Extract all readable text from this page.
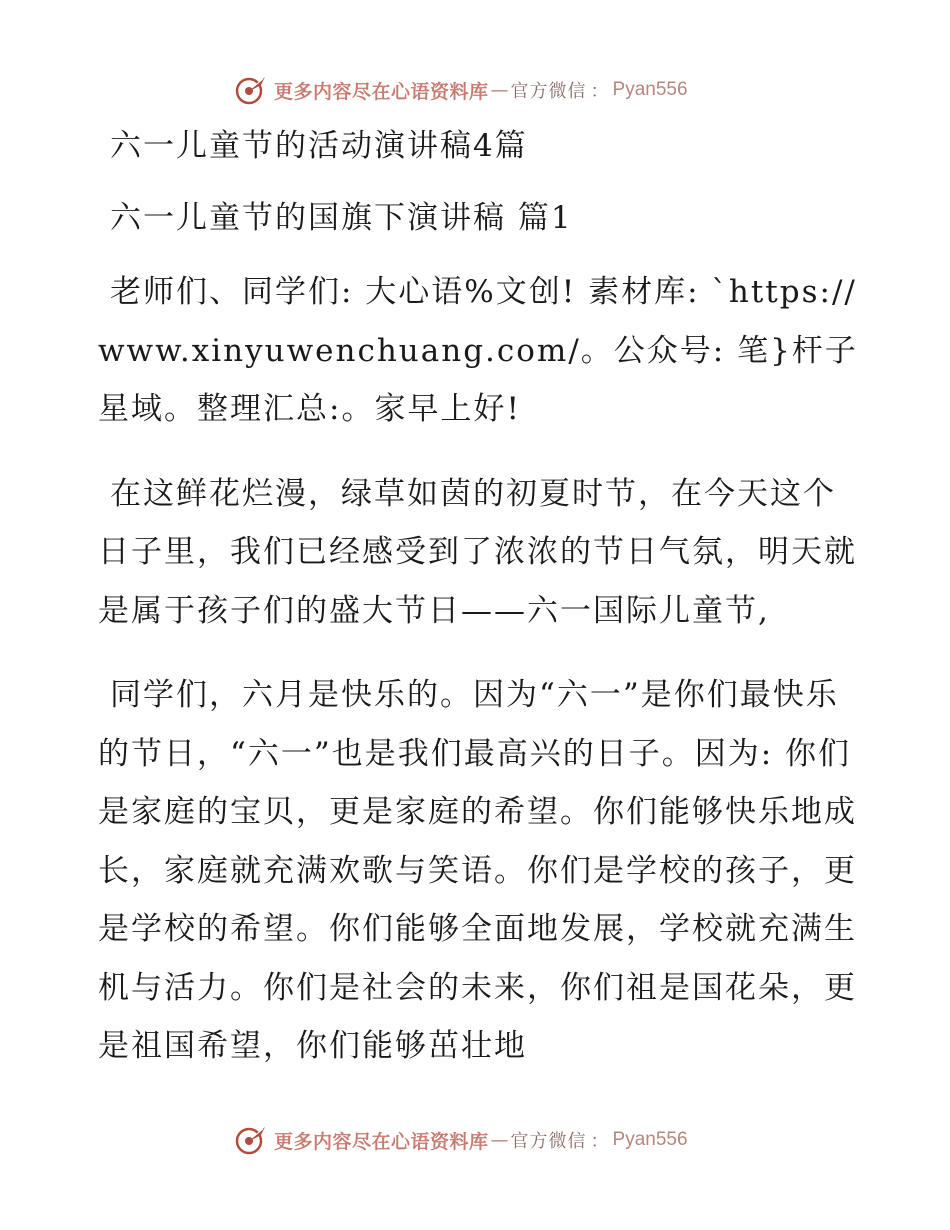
更多内容尽在心语资料库 — 官方微信 ： Pyan556
六一儿童节的活动演讲稿4篇
六一儿童节的国旗下演讲稿 篇1

老师们、同学们: 大心语%文创! 素材库: `https://www.xinyuwenchuang.com/。公众号: 笔}杆子星域。整理汇总:。家早上好!

在这鲜花烂漫，绿草如茵的初夏时节，在今天这个日子里，我们已经感受到了浓浓的节日气氛，明天就是属于孩子们的盛大节日——六一国际儿童节,

同学们，六月是快乐的。因为“六一”是你们最快乐的节日，“六一”也是我们最高兴的日子。因为: 你们是家庭的宝贝，更是家庭的希望。你们能够快乐地成长，家庭就充满欢歌与笑语。你们是学校的孩子，更是学校的希望。你们能够全面地发展，学校就充满生机与活力。你们是社会的未来，你们祖是国花朵，更是祖国希望，你们能够茁壮地

更多内容尽在心语资料库 — 官方微信 ： Pyan556
